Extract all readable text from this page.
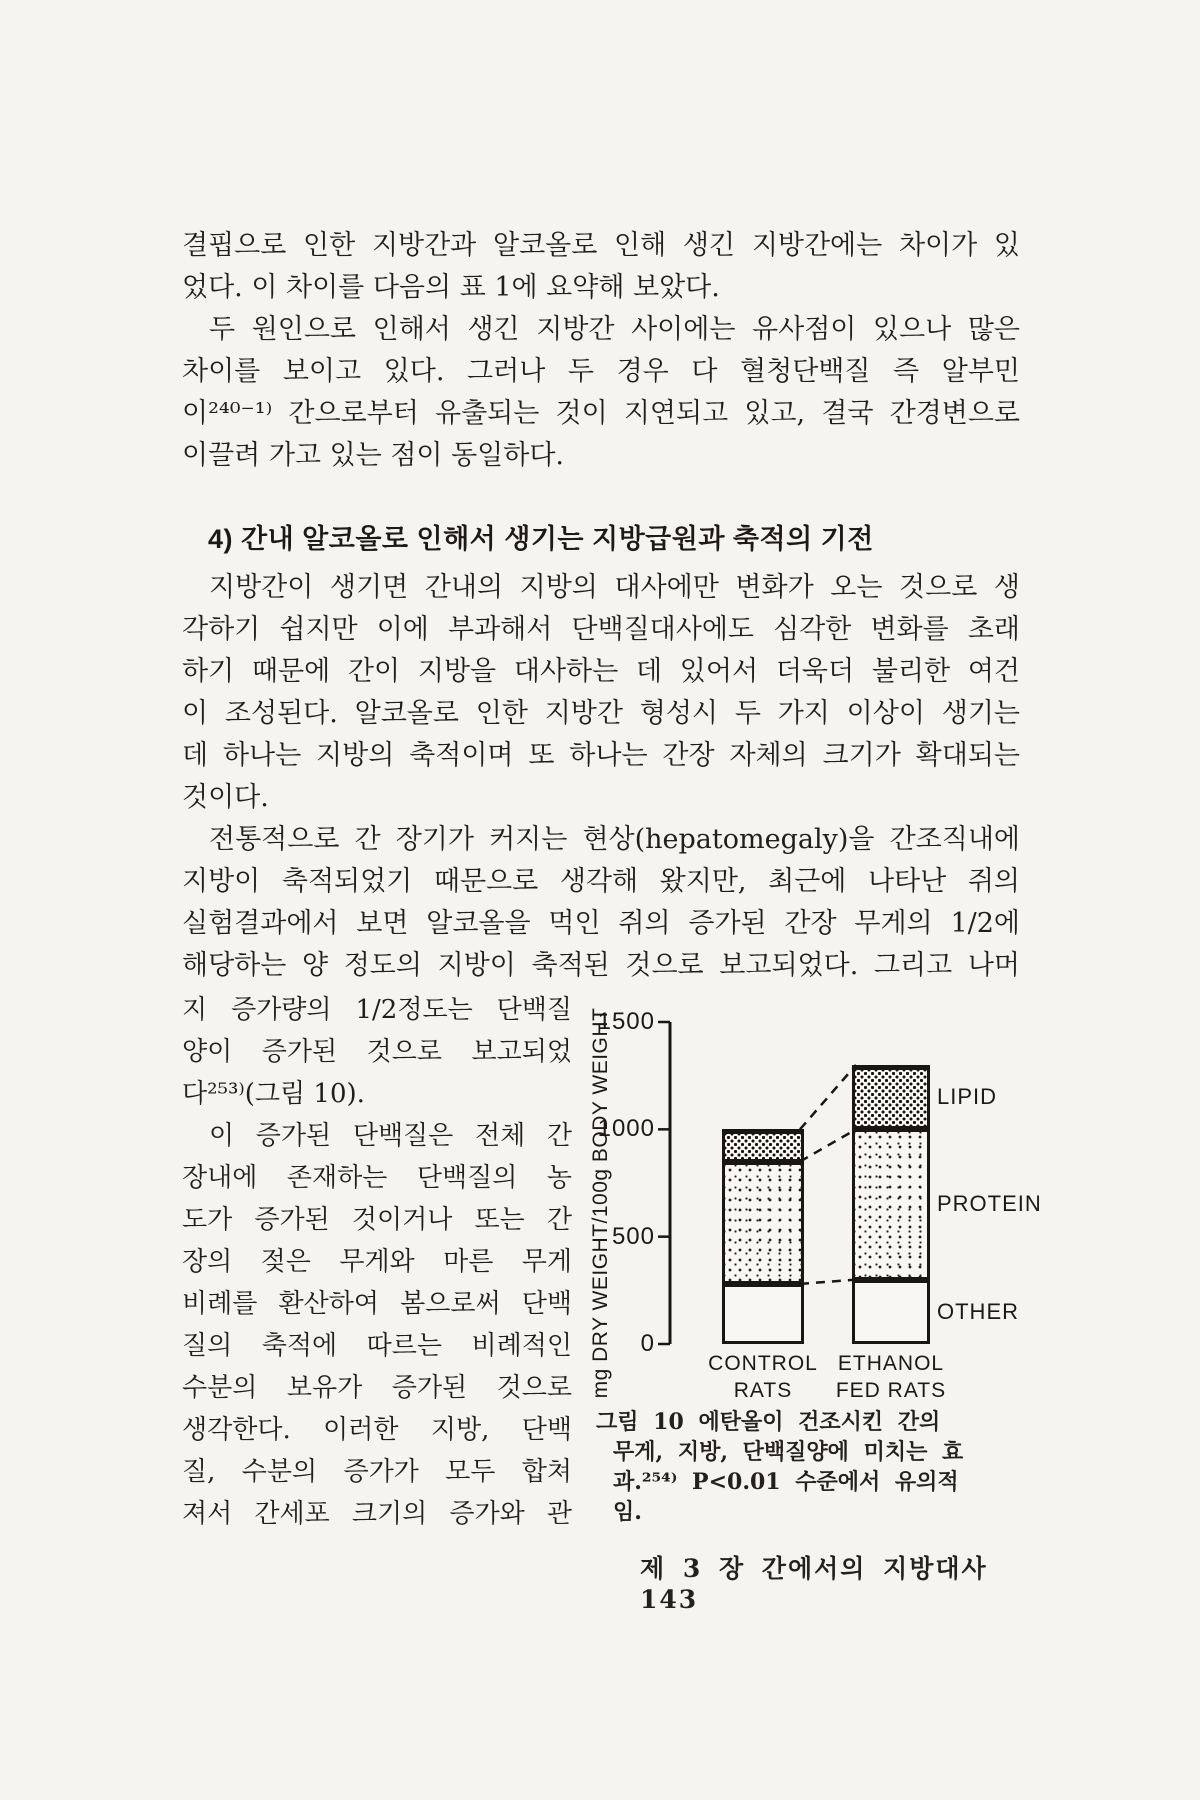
결핍으로 인한 지방간과 알코올로 인해 생긴 지방간에는 차이가 있
었다. 이 차이를 다음의 표 1에 요약해 보았다.
두 원인으로 인해서 생긴 지방간 사이에는 유사점이 있으나 많은
차이를 보이고 있다. 그러나 두 경우 다 혈청단백질 즉 알부민
이²⁴⁰⁻¹⁾ 간으로부터 유출되는 것이 지연되고 있고, 결국 간경변으로
이끌려 가고 있는 점이 동일하다.
4) 간내 알코올로 인해서 생기는 지방급원과 축적의 기전
지방간이 생기면 간내의 지방의 대사에만 변화가 오는 것으로 생
각하기 쉽지만 이에 부과해서 단백질대사에도 심각한 변화를 초래
하기 때문에 간이 지방을 대사하는 데 있어서 더욱더 불리한 여건
이 조성된다. 알코올로 인한 지방간 형성시 두 가지 이상이 생기는
데 하나는 지방의 축적이며 또 하나는 간장 자체의 크기가 확대되는
것이다.
전통적으로 간 장기가 커지는 현상(hepatomegaly)을 간조직내에
지방이 축적되었기 때문으로 생각해 왔지만, 최근에 나타난 쥐의
실험결과에서 보면 알코올을 먹인 쥐의 증가된 간장 무게의 1/2에
해당하는 양 정도의 지방이 축적된 것으로 보고되었다. 그리고 나머
지 증가량의 1/2정도는 단백질
양이 증가된 것으로 보고되었
다²⁵³⁾(그림 10).
이 증가된 단백질은 전체 간
장내에 존재하는 단백질의 농
도가 증가된 것이거나 또는 간
장의 젖은 무게와 마른 무게
비례를 환산하여 봄으로써 단백
질의 축적에 따르는 비례적인
수분의 보유가 증가된 것으로
생각한다. 이러한 지방, 단백
질, 수분의 증가가 모두 합쳐
져서 간세포 크기의 증가와 관
0
500
1000
1500
mg DRY WEIGHT/100g BODY WEIGHT	CONTROL
RATS
ETHANOL
FED RATS
OTHER
PROTEIN
LIPID
그림 10 에탄올이 건조시킨 간의
무게, 지방, 단백질양에 미치는 효
과.²⁵⁴⁾ P<0.01 수준에서 유의적
임.
제 3 장 간에서의 지방대사 143
